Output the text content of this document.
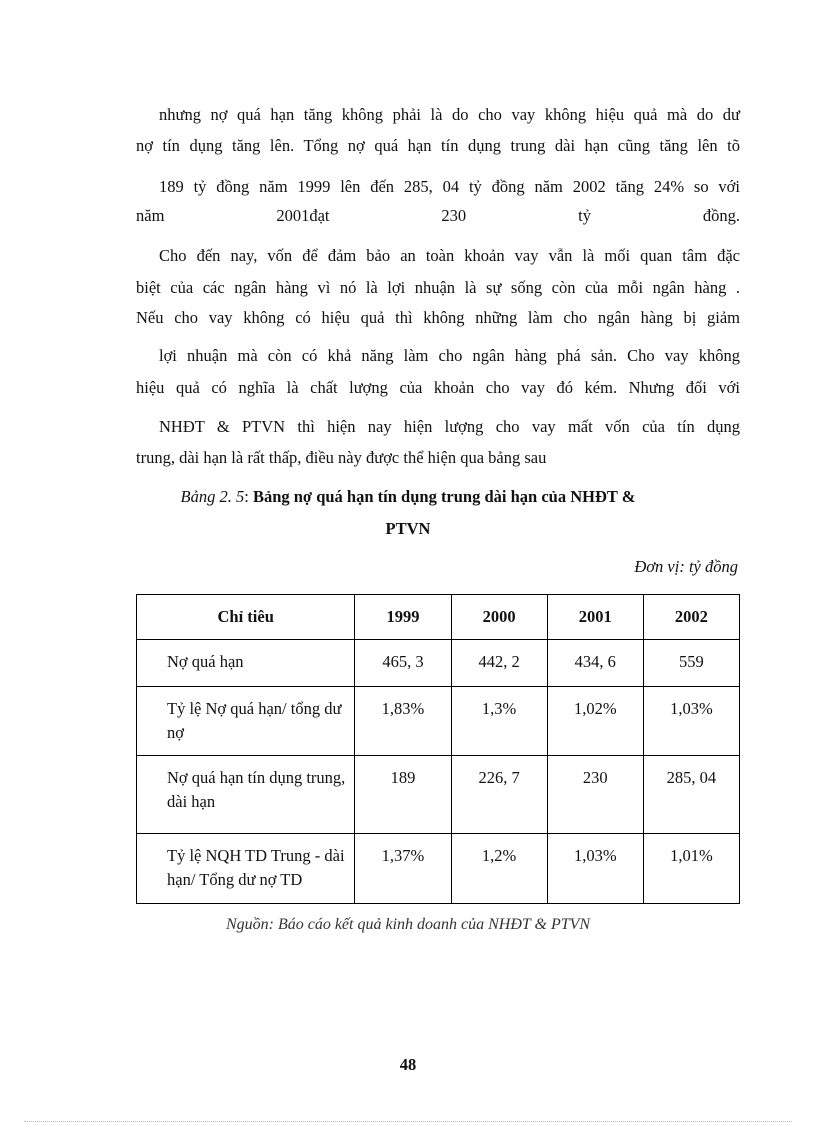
nhưng nợ quá hạn tăng không phải là do cho vay không hiệu quả mà do dư
nợ tín dụng tăng lên. Tổng nợ quá hạn tín dụng trung dài hạn cũng tăng lên tõ
189 tỷ đồng năm 1999 lên đến 285, 04 tỷ đồng năm 2002 tăng 24% so với
năm 2001đạt 230 tỷ đồng.
Cho đến nay, vốn để đảm bảo an toàn khoản vay vẫn là mối quan tâm đặc
biệt của các ngân hàng vì nó là lợi nhuận là sự sống còn của mỗi ngân hàng .
Nếu cho vay không có hiệu quả thì không những làm cho ngân hàng bị giảm
lợi nhuận mà còn có khả năng làm cho ngân hàng phá sản. Cho vay không
hiệu quả có nghĩa là chất lượng của khoản cho vay đó kém. Nhưng đối với
NHĐT & PTVN thì hiện nay hiện lượng cho vay mất vốn của tín dụng
trung, dài hạn là rất thấp, điều này được thể hiện qua bảng sau
Bảng 2. 5: Bảng nợ quá hạn tín dụng trung dài hạn của NHĐT &
PTVN
Đơn vị: tỷ đồng
Chỉ tiêu	1999	2000	2001	2002
Nợ quá hạn	465, 3	442, 2	434, 6	559
Tỷ lệ Nợ quá hạn/ tổng dư nợ	1,83%	1,3%	1,02%	1,03%
Nợ quá hạn tín dụng trung, dài hạn	189	226, 7	230	285, 04
Tỷ lệ NQH TD Trung - dài hạn/ Tổng dư nợ TD	1,37%	1,2%	1,03%	1,01%
Nguồn: Báo cáo kết quả kinh doanh của NHĐT & PTVN
48
